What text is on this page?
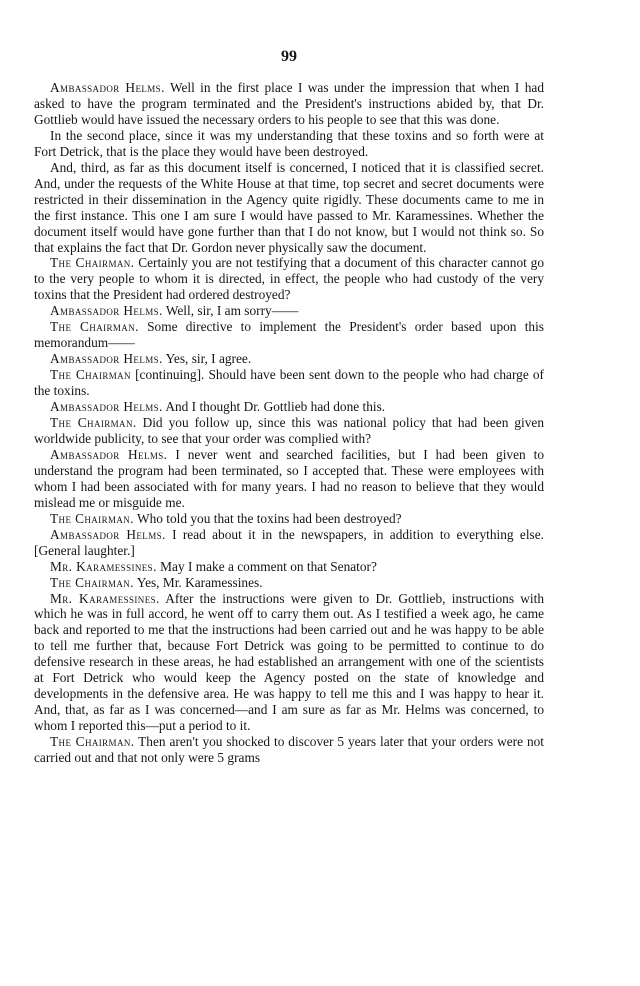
99

Ambassador Helms. Well in the first place I was under the impression that when I had asked to have the program terminated and the President's instructions abided by, that Dr. Gottlieb would have issued the necessary orders to his people to see that this was done.

In the second place, since it was my understanding that these toxins and so forth were at Fort Detrick, that is the place they would have been destroyed.

And, third, as far as this document itself is concerned, I noticed that it is classified secret. And, under the requests of the White House at that time, top secret and secret documents were restricted in their dissemination in the Agency quite rigidly. These documents came to me in the first instance. This one I am sure I would have passed to Mr. Karamessines. Whether the document itself would have gone further than that I do not know, but I would not think so. So that explains the fact that Dr. Gordon never physically saw the document.

The Chairman. Certainly you are not testifying that a document of this character cannot go to the very people to whom it is directed, in effect, the people who had custody of the very toxins that the President had ordered destroyed?

Ambassador Helms. Well, sir, I am sorry——

The Chairman. Some directive to implement the President's order based upon this memorandum——

Ambassador Helms. Yes, sir, I agree.

The Chairman [continuing]. Should have been sent down to the people who had charge of the toxins.

Ambassador Helms. And I thought Dr. Gottlieb had done this.

The Chairman. Did you follow up, since this was national policy that had been given worldwide publicity, to see that your order was complied with?

Ambassador Helms. I never went and searched facilities, but I had been given to understand the program had been terminated, so I accepted that. These were employees with whom I had been associated with for many years. I had no reason to believe that they would mislead me or misguide me.

The Chairman. Who told you that the toxins had been destroyed?

Ambassador Helms. I read about it in the newspapers, in addition to everything else. [General laughter.]

Mr. Karamessines. May I make a comment on that Senator?

The Chairman. Yes, Mr. Karamessines.

Mr. Karamessines. After the instructions were given to Dr. Gottlieb, instructions with which he was in full accord, he went off to carry them out. As I testified a week ago, he came back and reported to me that the instructions had been carried out and he was happy to be able to tell me further that, because Fort Detrick was going to be permitted to continue to do defensive research in these areas, he had established an arrangement with one of the scientists at Fort Detrick who would keep the Agency posted on the state of knowledge and developments in the defensive area. He was happy to tell me this and I was happy to hear it. And, that, as far as I was concerned—and I am sure as far as Mr. Helms was concerned, to whom I reported this—put a period to it.

The Chairman. Then aren't you shocked to discover 5 years later that your orders were not carried out and that not only were 5 grams
